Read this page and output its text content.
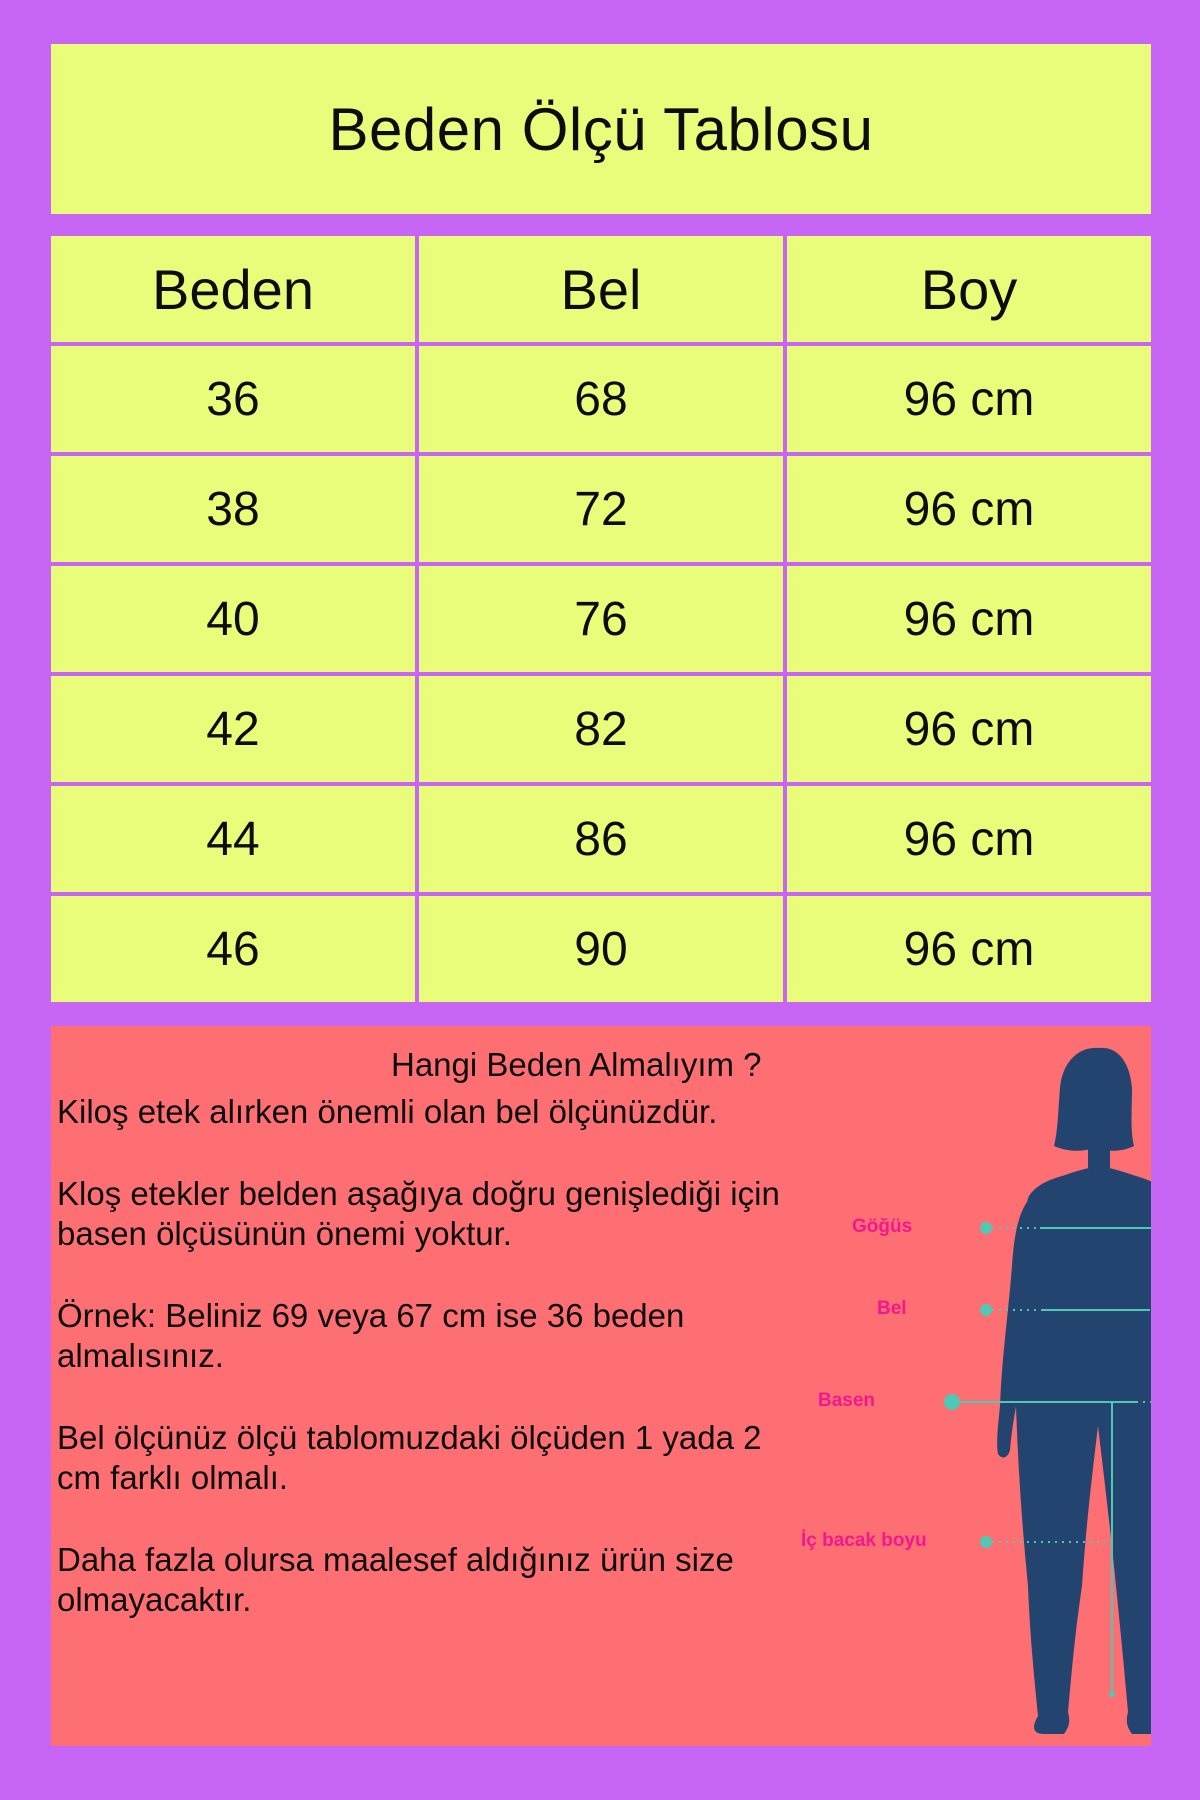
Beden Ölçü Tablosu
Beden	Bel	Boy
36	68	96 cm
38	72	96 cm
40	76	96 cm
42	82	96 cm
44	86	96 cm
46	90	96 cm
Hangi Beden Almalıyım ?

Kiloş etek alırken önemli olan bel ölçünüzdür.

Kloş etekler belden aşağıya doğru genişlediği için basen ölçüsünün önemi yoktur.

Örnek: Beliniz 69 veya 67 cm ise 36 beden almalısınız.

Bel ölçünüz ölçü tablomuzdaki ölçüden 1 yada 2 cm farklı olmalı.

Daha fazla olursa maalesef aldığınız ürün size olmayacaktır.

Göğüs
Bel
Basen
İç bacak boyu
